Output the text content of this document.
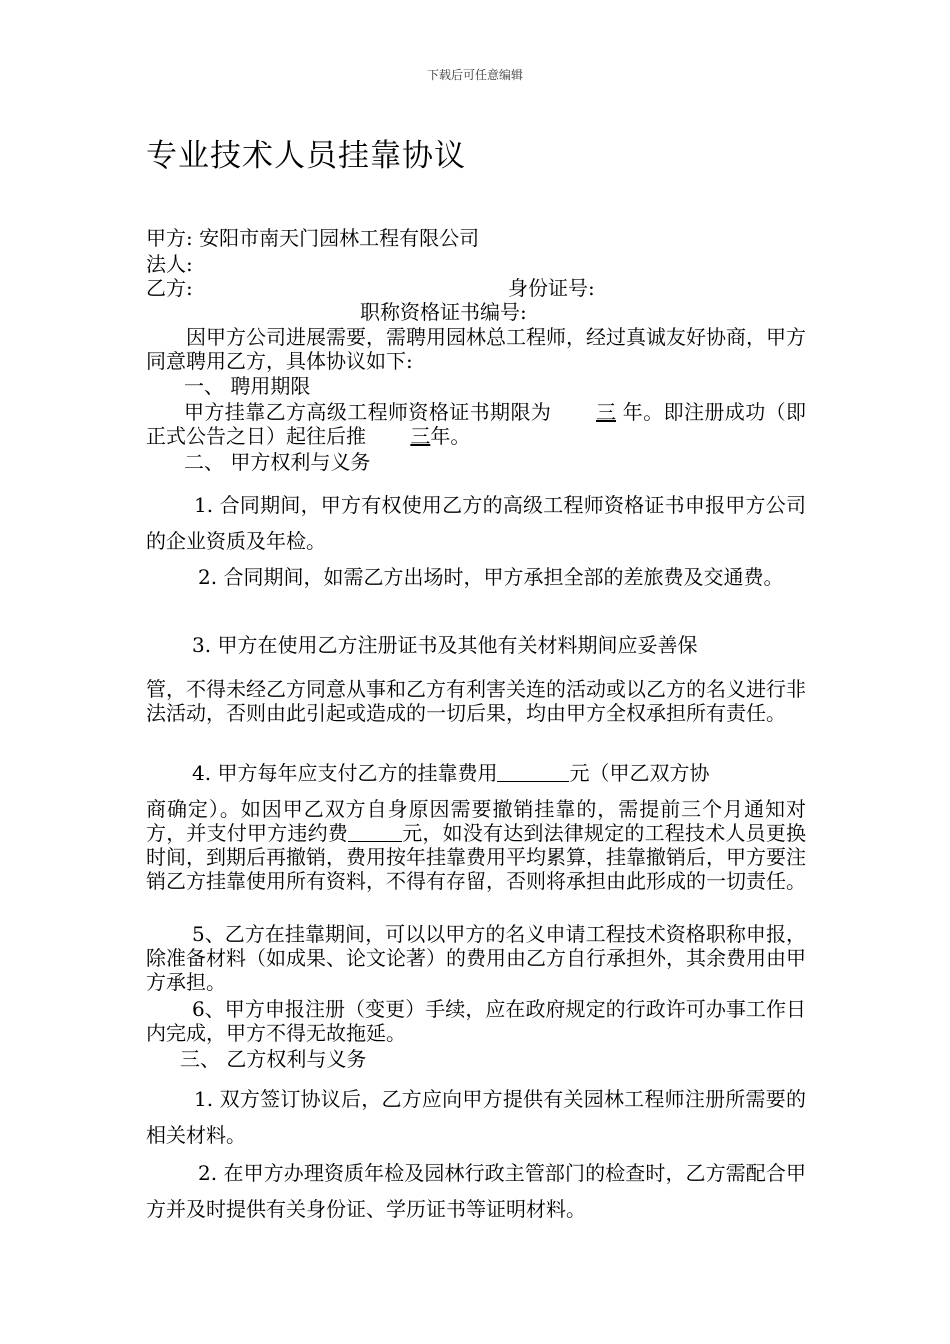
下载后可任意编辑
专业技术人员挂靠协议
甲方: 安阳市南天门园林工程有限公司
法人:
乙方:	身份证号:
职称资格证书编号:
因甲方公司进展需要，需聘用园林总工程师，经过真诚友好协商，甲方同意聘用乙方，具体协议如下:
一、 聘用期限
甲方挂靠乙方高级工程师资格证书期限为 三 年。即注册成功（即正式公告之日）起往后推 三年。
二、 甲方权利与义务
1. 合同期间，甲方有权使用乙方的高级工程师资格证书申报甲方公司的企业资质及年检。
2. 合同期间，如需乙方出场时，甲方承担全部的差旅费及交通费。
3. 甲方在使用乙方注册证书及其他有关材料期间应妥善保
管，不得未经乙方同意从事和乙方有利害关连的活动或以乙方的名义进行非法活动，否则由此引起或造成的一切后果，均由甲方全权承担所有责任。
4. 甲方每年应支付乙方的挂靠费用	元（甲乙双方协
商确定）。如因甲乙双方自身原因需要撤销挂靠的，需提前三个月通知对方，并支付甲方违约费	元，如没有达到法律规定的工程技术人员更换时间，到期后再撤销，费用按年挂靠费用平均累算，挂靠撤销后，甲方要注销乙方挂靠使用所有资料，不得有存留，否则将承担由此形成的一切责任。
5、乙方在挂靠期间，可以以甲方的名义申请工程技术资格职称申报，除准备材料（如成果、论文论著）的费用由乙方自行承担外，其余费用由甲方承担。
6、甲方申报注册（变更）手续，应在政府规定的行政许可办事工作日内完成，甲方不得无故拖延。
三、 乙方权利与义务
1. 双方签订协议后，乙方应向甲方提供有关园林工程师注册所需要的相关材料。
2. 在甲方办理资质年检及园林行政主管部门的检查时，乙方需配合甲方并及时提供有关身份证、学历证书等证明材料。
